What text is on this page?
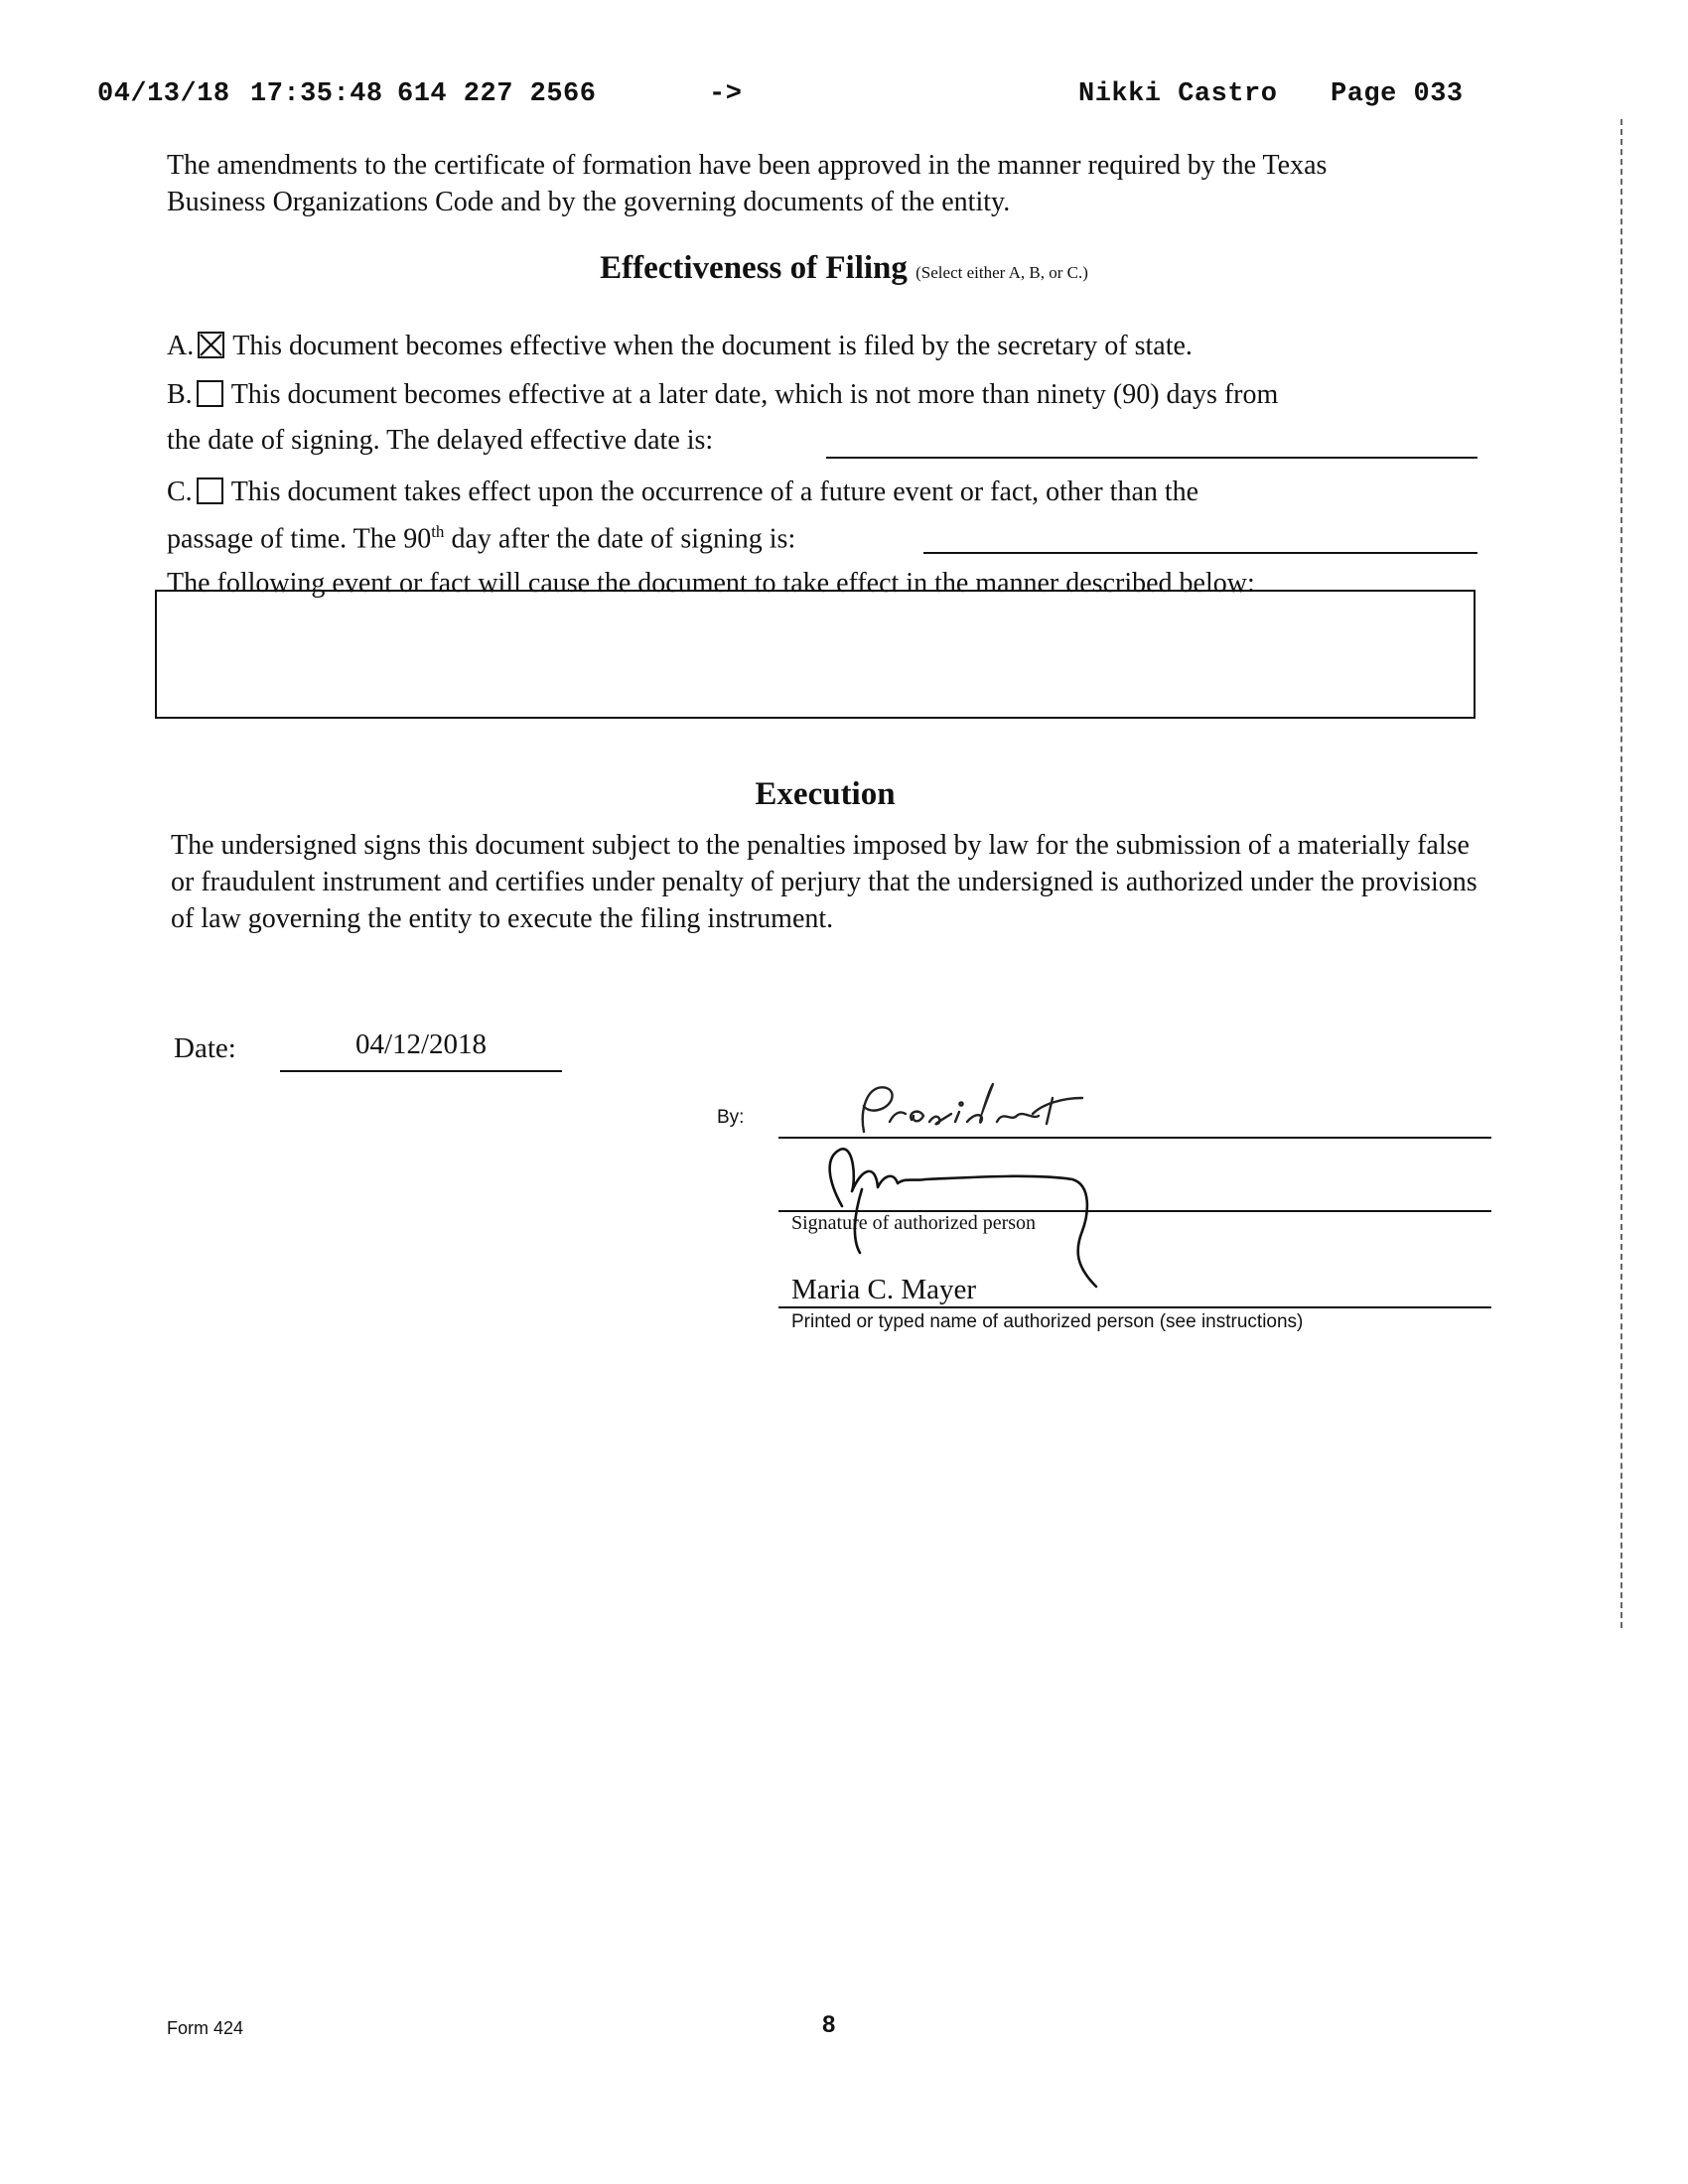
04/13/18 17:35:48 614 227 2566	->	Nikki Castro Page 033
The amendments to the certificate of formation have been approved in the manner required by the Texas Business Organizations Code and by the governing documents of the entity.
Effectiveness of Filing (Select either A, B, or C.)
A. This document becomes effective when the document is filed by the secretary of state.
B. This document becomes effective at a later date, which is not more than ninety (90) days from
the date of signing. The delayed effective date is:
C. This document takes effect upon the occurrence of a future event or fact, other than the
passage of time. The 90th day after the date of signing is:
The following event or fact will cause the document to take effect in the manner described below:
Execution
The undersigned signs this document subject to the penalties imposed by law for the submission of a materially false or fraudulent instrument and certifies under penalty of perjury that the undersigned is authorized under the provisions of law governing the entity to execute the filing instrument.
Date:	04/12/2018
By:
Signature of authorized person
Maria C. Mayer
Printed or typed name of authorized person (see instructions)
Form 424	8
